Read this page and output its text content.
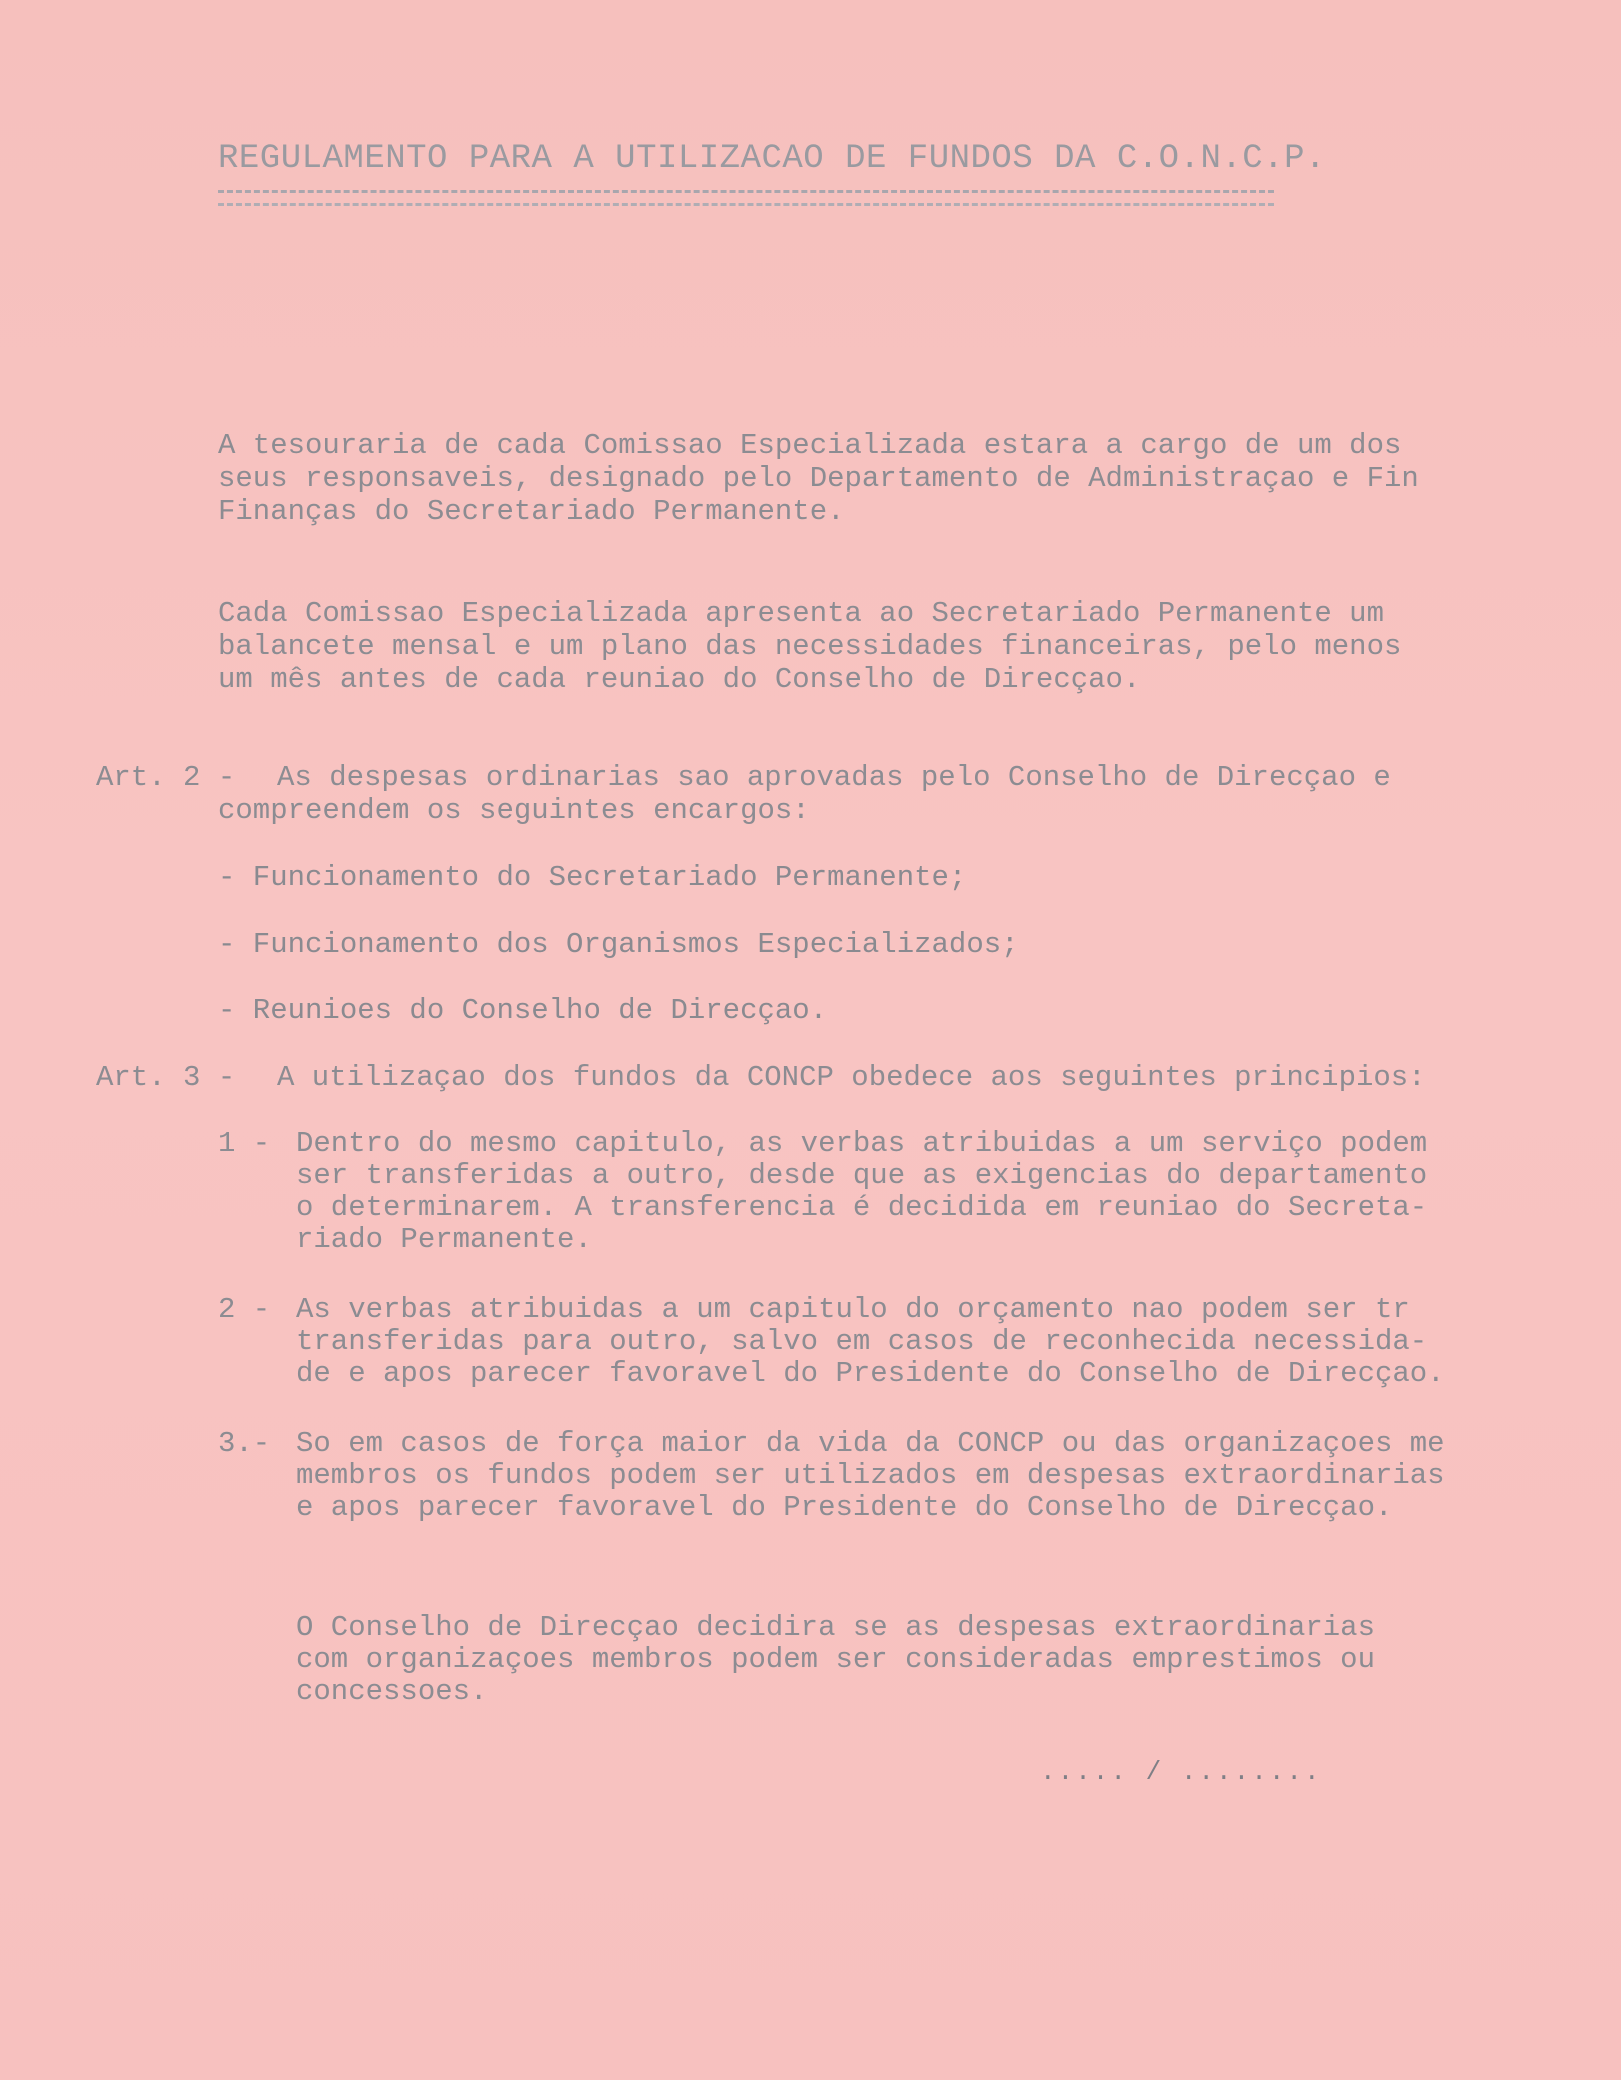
REGULAMENTO PARA A UTILIZACAO DE FUNDOS DA C.O.N.C.P.
A tesouraria de cada Comissao Especializada estara a cargo de um dos
seus responsaveis, designado pelo Departamento de Administraçao e Fin
Finanças do Secretariado Permanente.
Cada Comissao Especializada apresenta ao Secretariado Permanente um
balancete mensal e um plano das necessidades financeiras, pelo menos
um mês antes de cada reuniao do Conselho de Direcçao.
Art. 2 - As despesas ordinarias sao aprovadas pelo Conselho de Direcçao e
compreendem os seguintes encargos:
- Funcionamento do Secretariado Permanente;
- Funcionamento dos Organismos Especializados;
- Reunioes do Conselho de Direcçao.
Art. 3 - A utilizaçao dos fundos da CONCP obedece aos seguintes principios:
1 - Dentro do mesmo capitulo, as verbas atribuidas a um serviço podem
ser transferidas a outro, desde que as exigencias do departamento
o determinarem. A transferencia é decidida em reuniao do Secreta-
riado Permanente.
2 - As verbas atribuidas a um capitulo do orçamento nao podem ser tr
transferidas para outro, salvo em casos de reconhecida necessida-
de e apos parecer favoravel do Presidente do Conselho de Direcçao.
3.- So em casos de força maior da vida da CONCP ou das organizaçoes me
membros os fundos podem ser utilizados em despesas extraordinarias
e apos parecer favoravel do Presidente do Conselho de Direcçao.
O Conselho de Direcçao decidira se as despesas extraordinarias
com organizaçoes membros podem ser consideradas emprestimos ou
concessoes.
..... / ........
